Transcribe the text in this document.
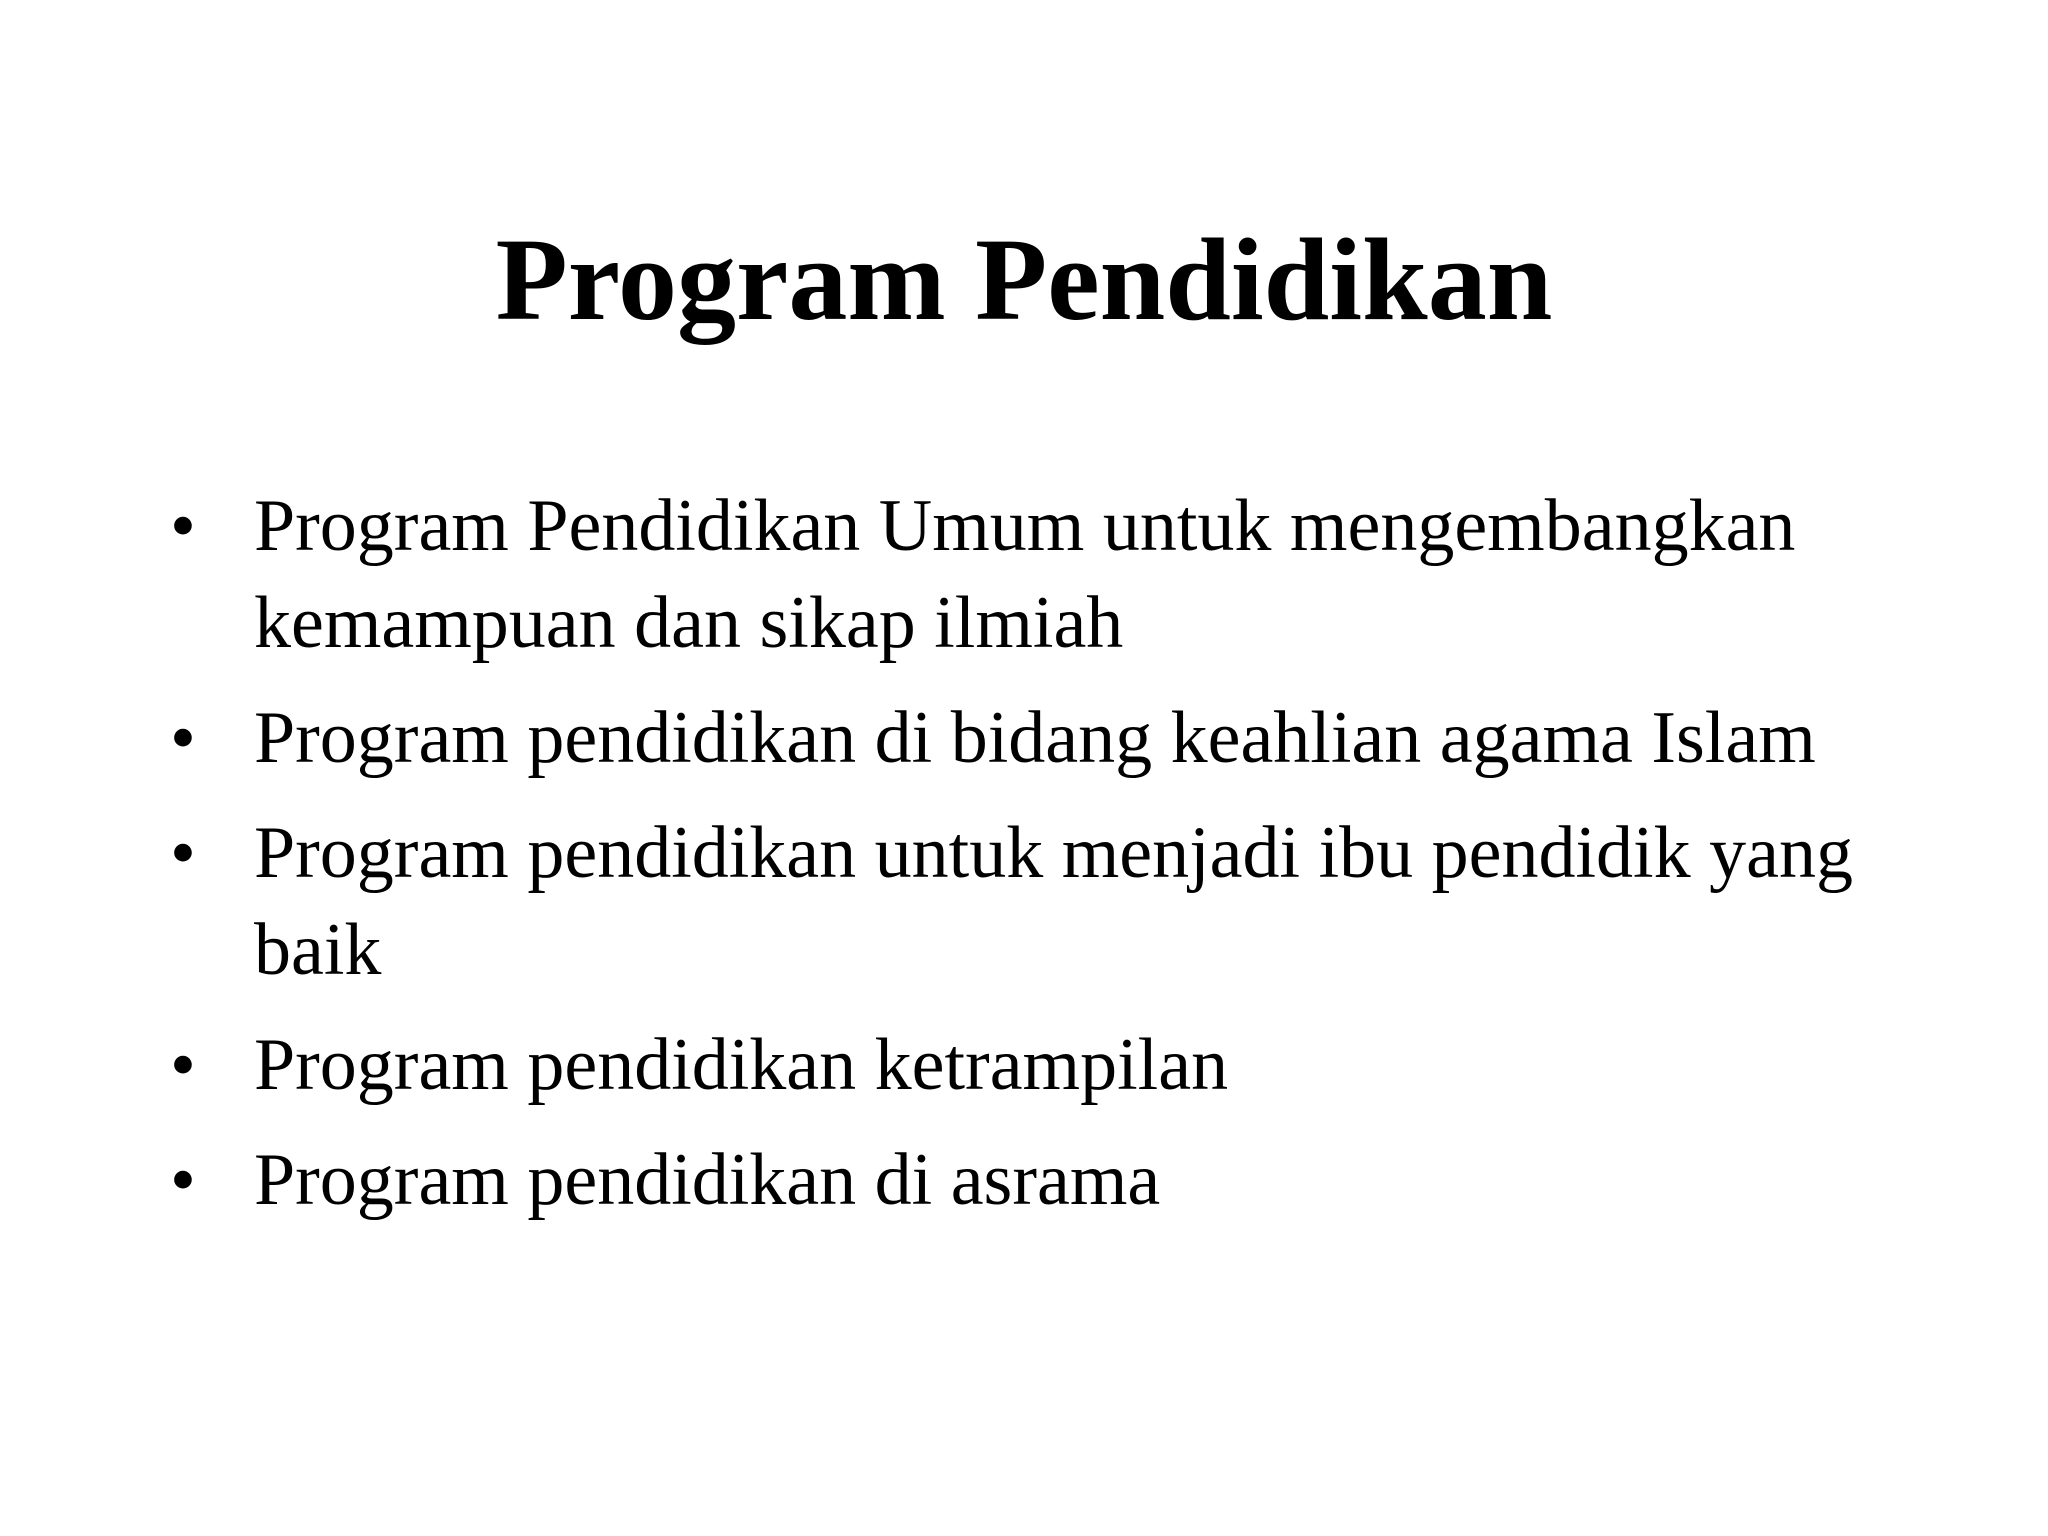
Program Pendidikan
• Program Pendidikan Umum untuk mengembangkan kemampuan dan sikap ilmiah
• Program pendidikan di bidang keahlian agama Islam
• Program pendidikan untuk menjadi ibu pendidik yang baik
• Program pendidikan ketrampilan
• Program pendidikan di asrama
